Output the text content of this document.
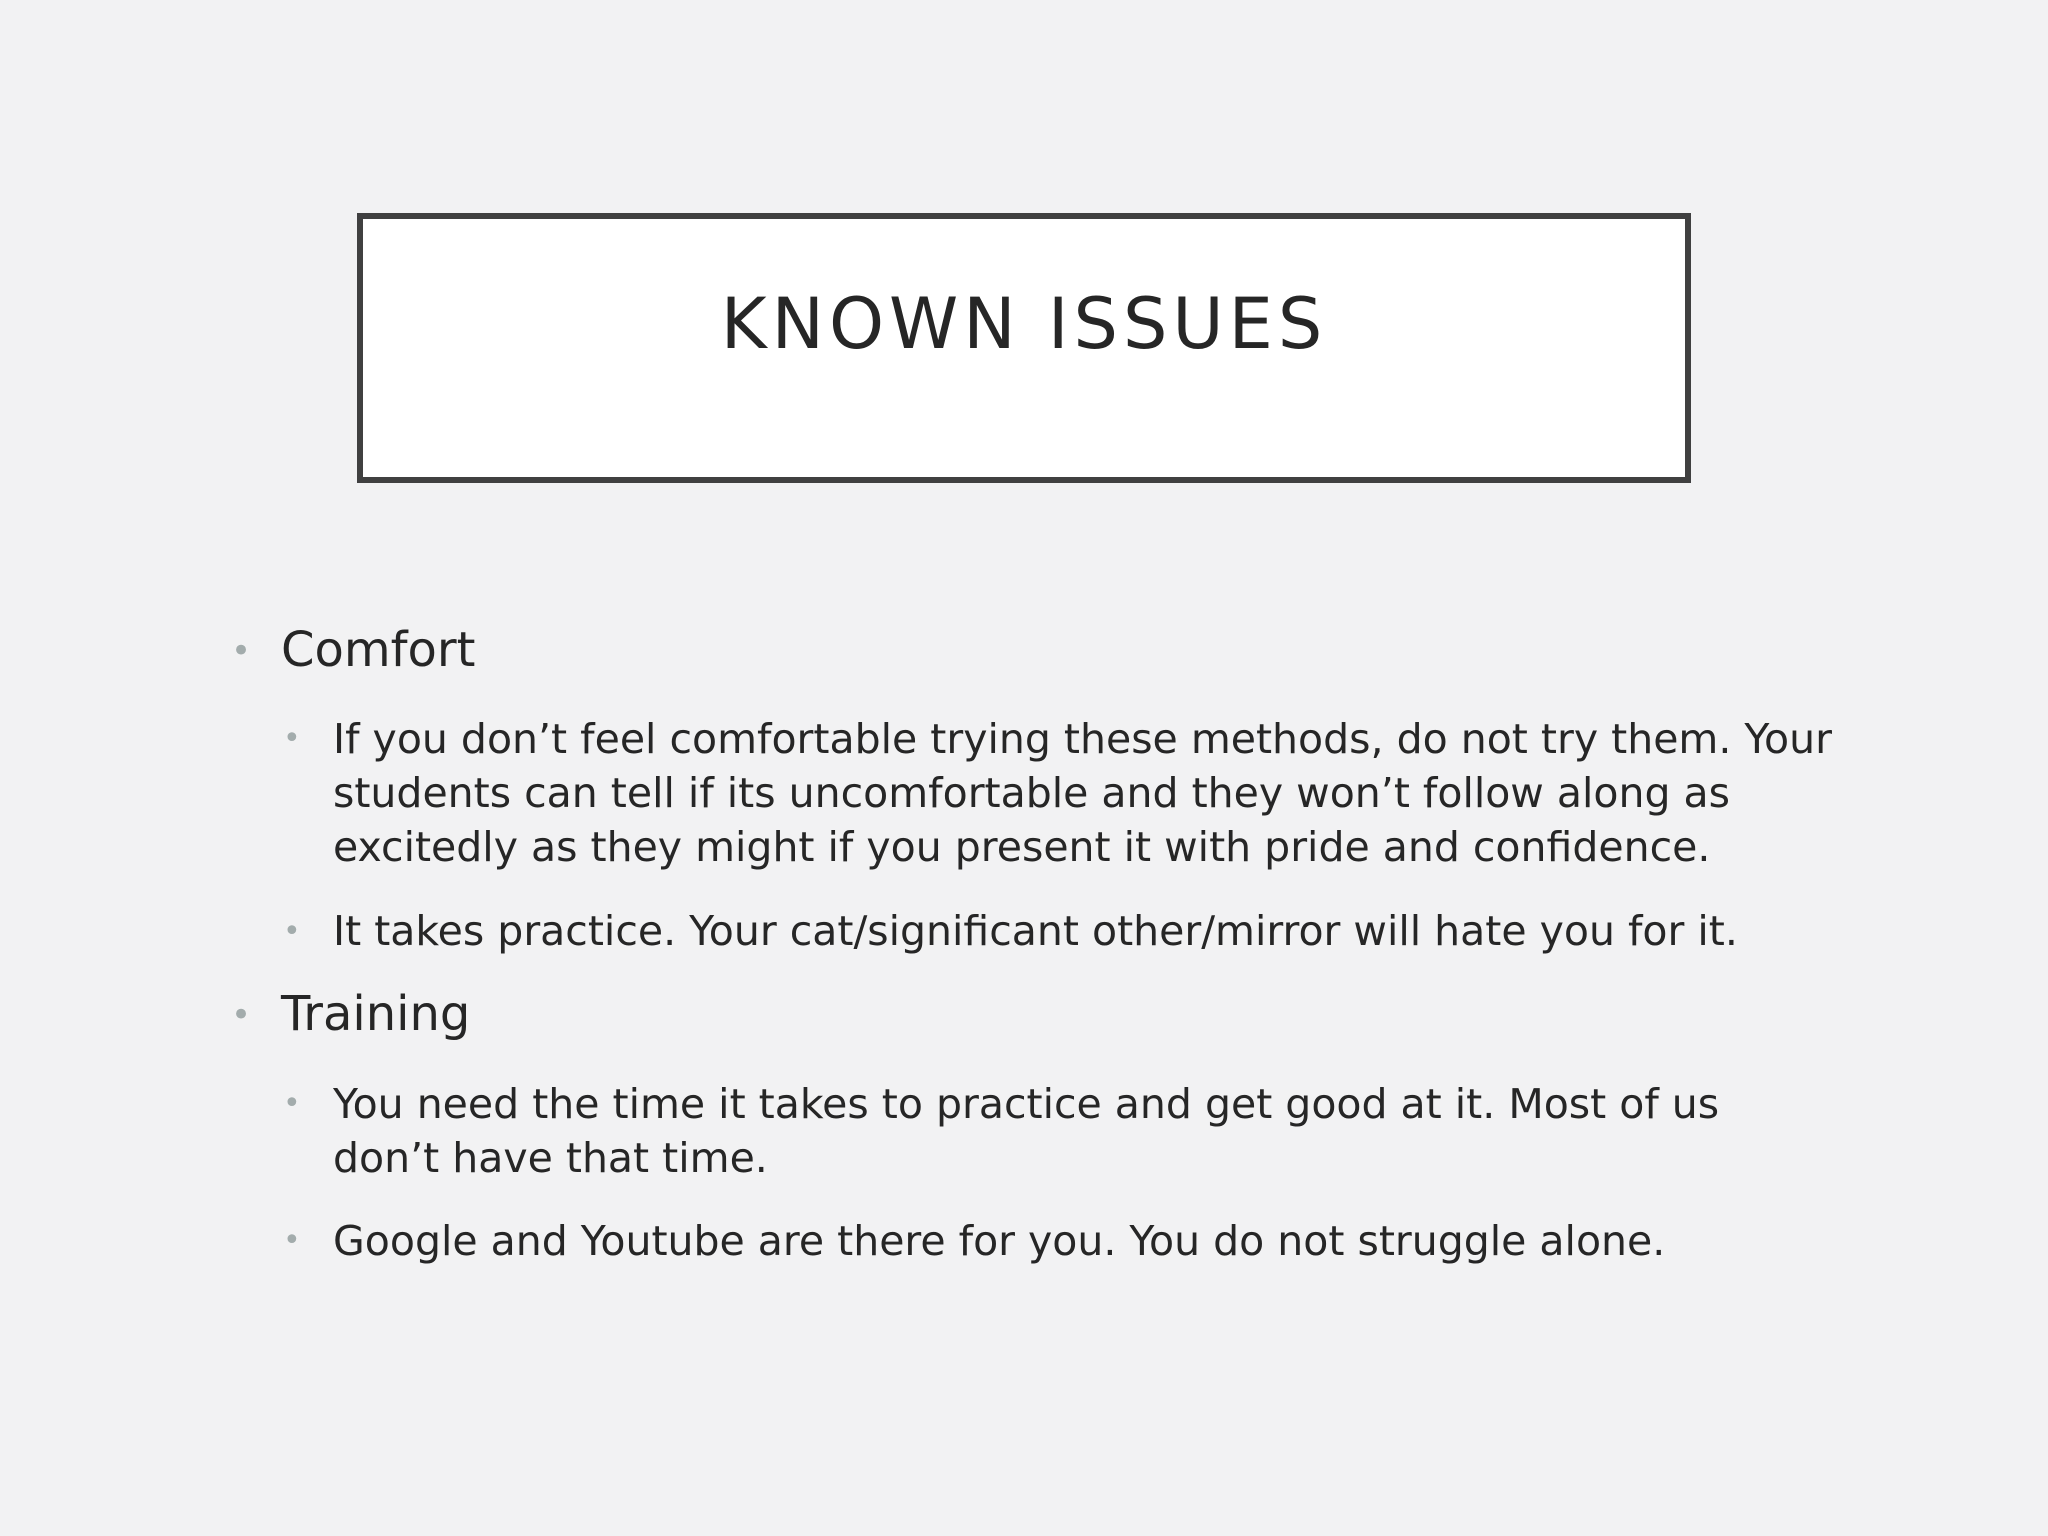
KNOWN ISSUES
• Comfort
• If you don’t feel comfortable trying these methods, do not try them. Your students can tell if its uncomfortable and they won’t follow along as excitedly as they might if you present it with pride and confidence.
• It takes practice. Your cat/significant other/mirror will hate you for it.
• Training
• You need the time it takes to practice and get good at it. Most of us don’t have that time.
• Google and Youtube are there for you. You do not struggle alone.
